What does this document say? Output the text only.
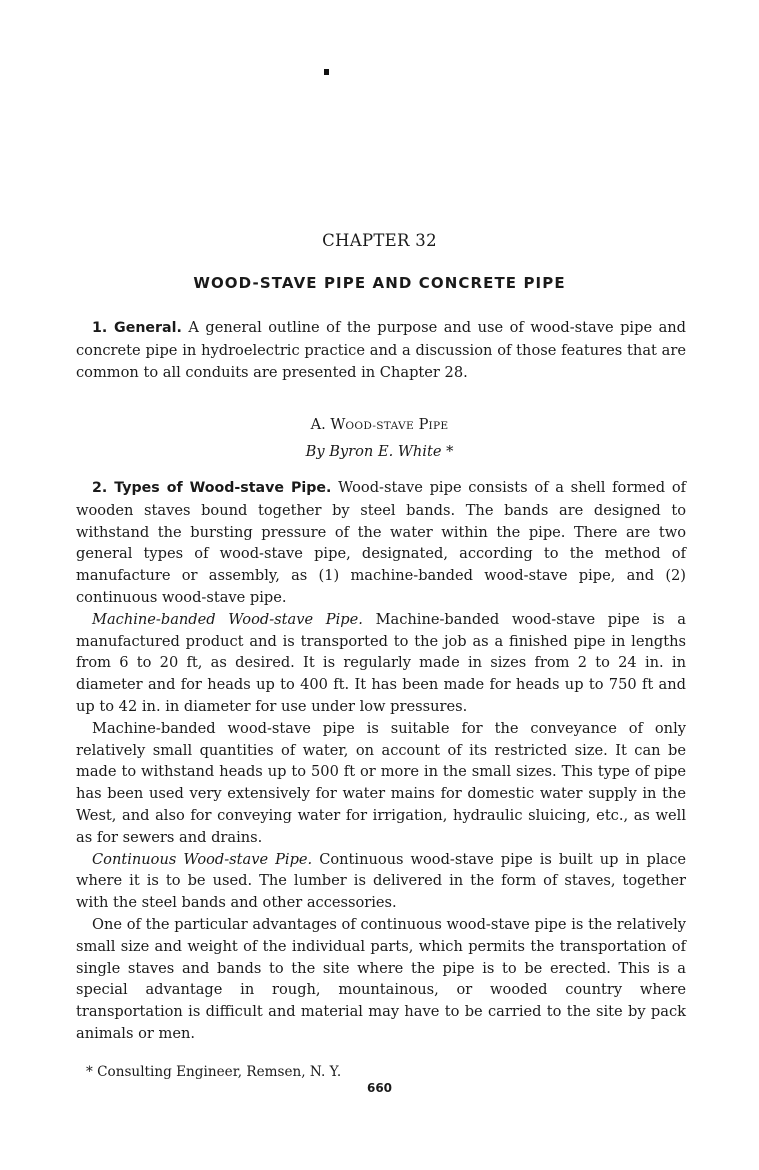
CHAPTER 32
WOOD-STAVE PIPE AND CONCRETE PIPE

1. General. A general outline of the purpose and use of wood-stave pipe and concrete pipe in hydroelectric practice and a discussion of those features that are common to all conduits are presented in Chapter 28.

A. WOOD-STAVE PIPE
By Byron E. White *

2. Types of Wood-stave Pipe. Wood-stave pipe consists of a shell formed of wooden staves bound together by steel bands. The bands are designed to withstand the bursting pressure of the water within the pipe. There are two general types of wood-stave pipe, designated, according to the method of manufacture or assembly, as (1) machine-banded wood-stave pipe, and (2) continuous wood-stave pipe.

Machine-banded Wood-stave Pipe. Machine-banded wood-stave pipe is a manufactured product and is transported to the job as a finished pipe in lengths from 6 to 20 ft, as desired. It is regularly made in sizes from 2 to 24 in. in diameter and for heads up to 400 ft. It has been made for heads up to 750 ft and up to 42 in. in diameter for use under low pressures.

Machine-banded wood-stave pipe is suitable for the conveyance of only relatively small quantities of water, on account of its restricted size. It can be made to withstand heads up to 500 ft or more in the small sizes. This type of pipe has been used very extensively for water mains for domestic water supply in the West, and also for conveying water for irrigation, hydraulic sluicing, etc., as well as for sewers and drains.

Continuous Wood-stave Pipe. Continuous wood-stave pipe is built up in place where it is to be used. The lumber is delivered in the form of staves, together with the steel bands and other accessories.

One of the particular advantages of continuous wood-stave pipe is the relatively small size and weight of the individual parts, which permits the transportation of single staves and bands to the site where the pipe is to be erected. This is a special advantage in rough, mountainous, or wooded country where transportation is difficult and material may have to be carried to the site by pack animals or men.

* Consulting Engineer, Remsen, N. Y.
660
